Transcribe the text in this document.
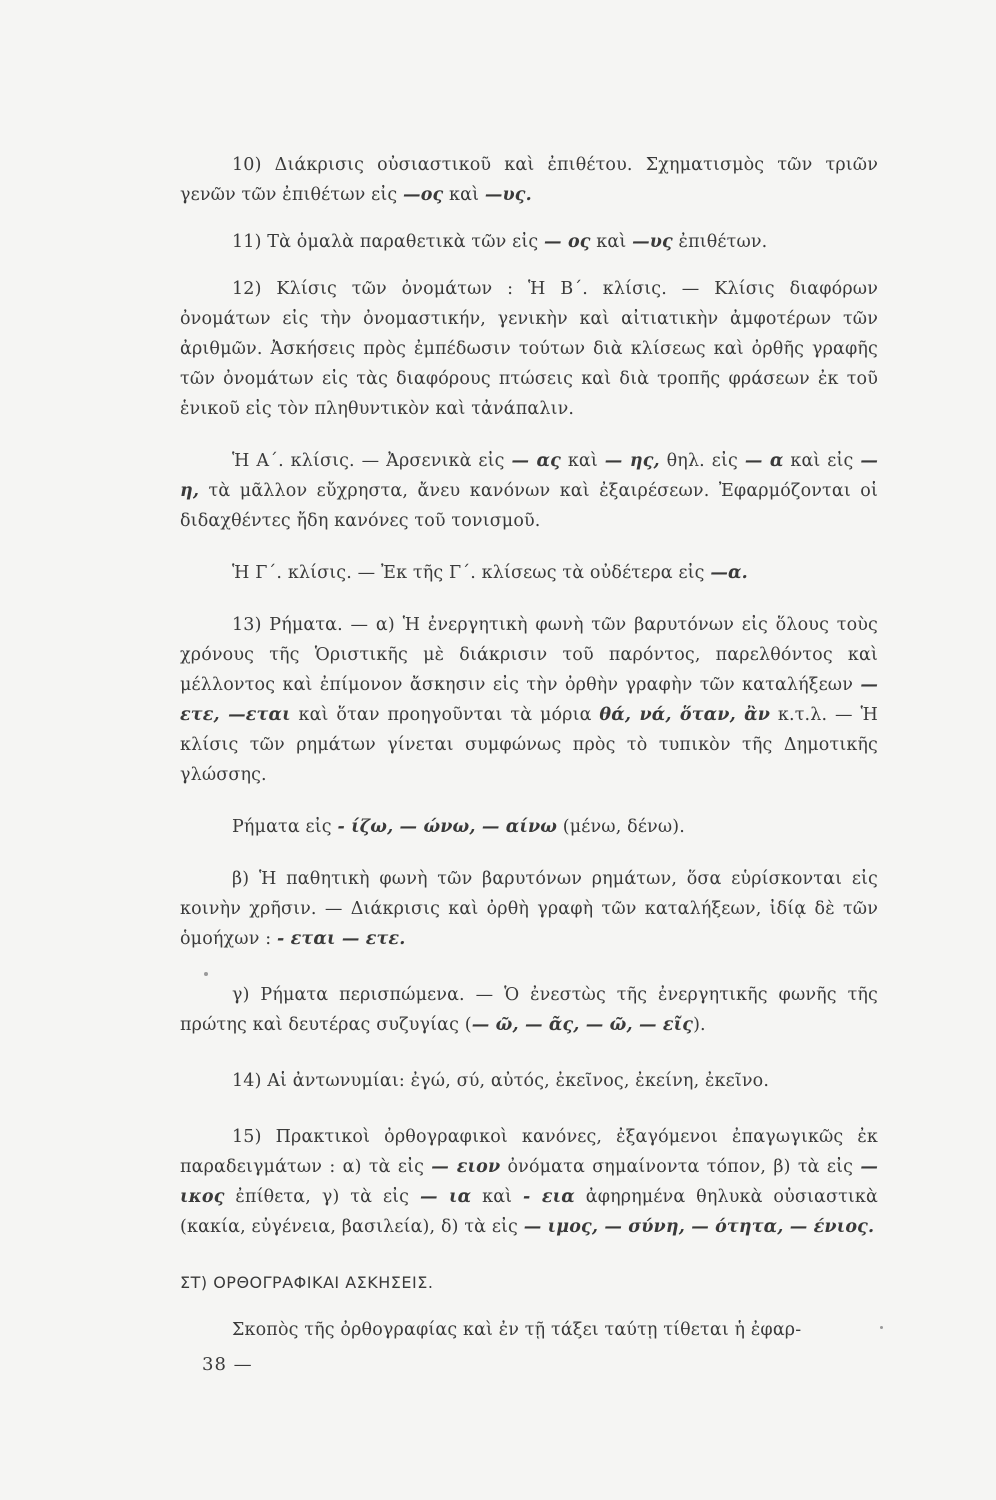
10) Διάκρισις οὐσιαστικοῦ καὶ ἐπιθέτου. Σχηματισμὸς τῶν τριῶν γενῶν τῶν ἐπιθέτων εἰς —ος καὶ —υς.

11) Τὰ ὁμαλὰ παραθετικὰ τῶν εἰς — ος καὶ —υς ἐπιθέτων.

12) Κλίσις τῶν ὀνομάτων : Ἡ Β΄. κλίσις. — Κλίσις διαφόρων ὀνομάτων εἰς τὴν ὀνομαστικήν, γενικὴν καὶ αἰτιατικὴν ἀμφοτέρων τῶν ἀριθμῶν. Ἀσκήσεις πρὸς ἐμπέδωσιν τούτων διὰ κλίσεως καὶ ὀρθῆς γραφῆς τῶν ὀνομάτων εἰς τὰς διαφόρους πτώσεις καὶ διὰ τροπῆς φράσεων ἐκ τοῦ ἑνικοῦ εἰς τὸν πληθυντικὸν καὶ τἀνάπαλιν.

Ἡ Α΄. κλίσις. — Ἀρσενικὰ εἰς — ας καὶ — ης, θηλ. εἰς — α καὶ εἰς — η, τὰ μᾶλλον εὔχρηστα, ἄνευ κανόνων καὶ ἐξαιρέσεων. Ἐφαρμόζονται οἱ διδαχθέντες ἤδη κανόνες τοῦ τονισμοῦ.

Ἡ Γ΄. κλίσις. — Ἐκ τῆς Γ΄. κλίσεως τὰ οὐδέτερα εἰς —α.

13) Ρήματα. — α) Ἡ ἐνεργητικὴ φωνὴ τῶν βαρυτόνων εἰς ὅλους τοὺς χρόνους τῆς Ὁριστικῆς μὲ διάκρισιν τοῦ παρόντος, παρελθόντος καὶ μέλλοντος καὶ ἐπίμονον ἄσκησιν εἰς τὴν ὀρθὴν γραφὴν τῶν καταλήξεων —ετε, —εται καὶ ὅταν προηγοῦνται τὰ μόρια θά, νά, ὅταν, ἂν κ.τ.λ. — Ἡ κλίσις τῶν ρημάτων γίνεται συμφώνως πρὸς τὸ τυπικὸν τῆς Δημοτικῆς γλώσσης.

Ρήματα εἰς - ίζω, — ώνω, — αίνω (μένω, δένω).

β) Ἡ παθητικὴ φωνὴ τῶν βαρυτόνων ρημάτων, ὅσα εὑρίσκονται εἰς κοινὴν χρῆσιν. — Διάκρισις καὶ ὀρθὴ γραφὴ τῶν καταλήξεων, ἰδίᾳ δὲ τῶν ὁμοήχων : - εται — ετε.

γ) Ρήματα περισπώμενα. — Ὁ ἐνεστὼς τῆς ἐνεργητικῆς φωνῆς τῆς πρώτης καὶ δευτέρας συζυγίας (— ῶ, — ᾶς, — ῶ, — εῖς).

14) Αἱ ἀντωνυμίαι: ἐγώ, σύ, αὐτός, ἐκεῖνος, ἐκείνη, ἐκεῖνο.

15) Πρακτικοὶ ὀρθογραφικοὶ κανόνες, ἐξαγόμενοι ἐπαγωγικῶς ἐκ παραδειγμάτων : α) τὰ εἰς — ειον ὀνόματα σημαίνοντα τόπον, β) τὰ εἰς — ικος ἐπίθετα, γ) τὰ εἰς — ια καὶ - εια ἀφηρημένα θηλυκὰ οὐσιαστικὰ (κακία, εὐγένεια, βασιλεία), δ) τὰ εἰς — ιμος, — σύνη, — ότητα, — ένιος.

ΣΤ) ΟΡΘΟΓΡΑΦΙΚΑΙ ΑΣΚΗΣΕΙΣ.

Σκοπὸς τῆς ὀρθογραφίας καὶ ἐν τῇ τάξει ταύτῃ τίθεται ἡ ἐφαρ-

38 —
